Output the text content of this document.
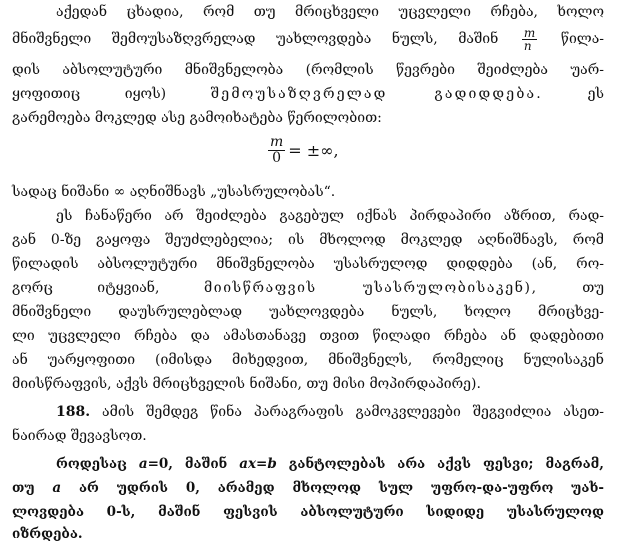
აქედან ცხადია, რომ თუ მრიცხველი უცვლელი რჩება, ხოლო
მნიშვნელი შემოუსაზღვრელად უახლოვდება ნულს, მაშინ $\frac{m}{n}$ წილა-
დის აბსოლუტური მნიშვნელობა (რომლის წევრები შეიძლება უარ-
ყოფითიც იყოს)	შემოუსაზღვრელად გადიდდება.	ეს
გარემოება მოკლედ ასე გამოიხატება წერილობით:
$\frac{m}{0}$ = ±∞,
სადაც ნიშანი ∞ აღნიშნავს „უსასრულობას“.
ეს ჩანაწერი არ შეიძლება გაგებულ იქნას პირდაპირი აზრით, რად-
გან 0-ზე გაყოფა შეუძლებელია; ის მხოლოდ მოკლედ აღნიშნავს, რომ
წილადის აბსოლუტური მნიშვნელობა უსასრულოდ დიდდება (ან, რო-
გორც იტყვიან,	მიისწრაფვის უსასრულობისაკენ),	თუ
მნიშვნელი დაუსრულებლად უახლოვდება ნულს, ხოლო მრიცხვე-
ლი უცვლელი რჩება და ამასთანავე თვით წილადი რჩება ან დადებითი
ან უარყოფითი (იმისდა მიხედვით, მნიშვნელს, რომელიც ნულისაკენ
მიისწრაფვის, აქვს მრიცხველის ნიშანი, თუ მისი მოპირდაპირე).
188. ამის შემდეგ წინა პარაგრაფის გამოკვლევები შეგვიძლია ასეთ-
ნაირად შევავსოთ.
როდესაც a=0, მაშინ ax=b განტოლებას არა აქვს ფესვი; მაგრამ,
თუ a არ უდრის 0, არამედ მხოლოდ სულ უფრო-და-უფრო უახ-
ლოვდება 0-ს, მაშინ ფესვის აბსოლუტური სიდიდე უსასრულოდ
იზრდება.
